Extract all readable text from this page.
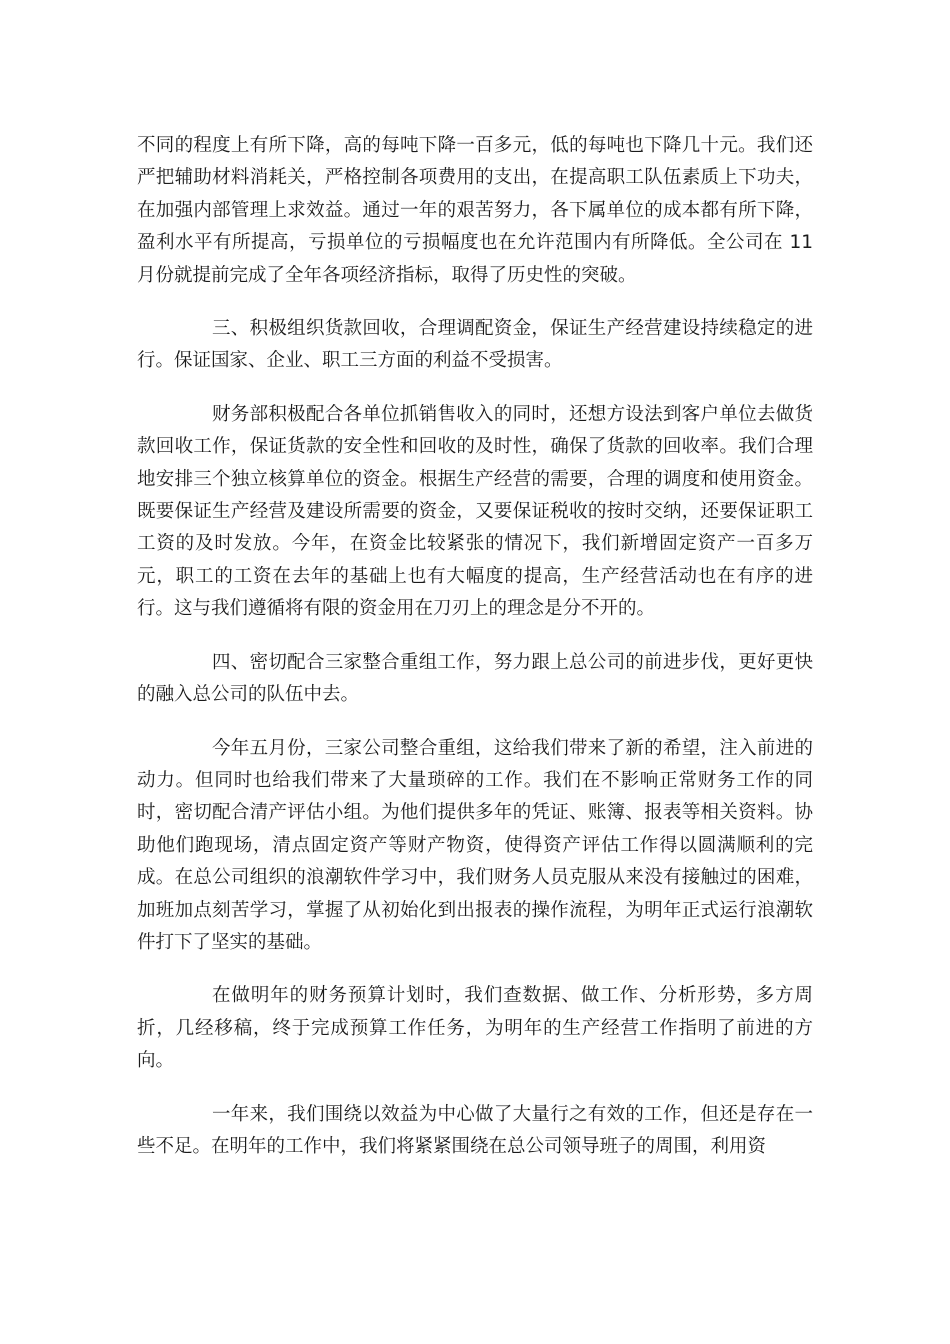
不同的程度上有所下降，高的每吨下降一百多元，低的每吨也下降几十元。我们还严把辅助材料消耗关，严格控制各项费用的支出，在提高职工队伍素质上下功夫，在加强内部管理上求效益。通过一年的艰苦努力，各下属单位的成本都有所下降，盈利水平有所提高，亏损单位的亏损幅度也在允许范围内有所降低。全公司在 11 月份就提前完成了全年各项经济指标，取得了历史性的突破。

三、积极组织货款回收，合理调配资金，保证生产经营建设持续稳定的进行。保证国家、企业、职工三方面的利益不受损害。

财务部积极配合各单位抓销售收入的同时，还想方设法到客户单位去做货款回收工作，保证货款的安全性和回收的及时性，确保了货款的回收率。我们合理地安排三个独立核算单位的资金。根据生产经营的需要，合理的调度和使用资金。既要保证生产经营及建设所需要的资金，又要保证税收的按时交纳，还要保证职工工资的及时发放。今年，在资金比较紧张的情况下，我们新增固定资产一百多万元，职工的工资在去年的基础上也有大幅度的提高，生产经营活动也在有序的进行。这与我们遵循将有限的资金用在刀刃上的理念是分不开的。

四、密切配合三家整合重组工作，努力跟上总公司的前进步伐，更好更快的融入总公司的队伍中去。

今年五月份，三家公司整合重组，这给我们带来了新的希望，注入前进的动力。但同时也给我们带来了大量琐碎的工作。我们在不影响正常财务工作的同时，密切配合清产评估小组。为他们提供多年的凭证、账簿、报表等相关资料。协助他们跑现场，清点固定资产等财产物资，使得资产评估工作得以圆满顺利的完成。在总公司组织的浪潮软件学习中，我们财务人员克服从来没有接触过的困难，加班加点刻苦学习，掌握了从初始化到出报表的操作流程，为明年正式运行浪潮软件打下了坚实的基础。

在做明年的财务预算计划时，我们查数据、做工作、分析形势，多方周折，几经移稿，终于完成预算工作任务，为明年的生产经营工作指明了前进的方向。

一年来，我们围绕以效益为中心做了大量行之有效的工作，但还是存在一些不足。在明年的工作中，我们将紧紧围绕在总公司领导班子的周围，利用资
